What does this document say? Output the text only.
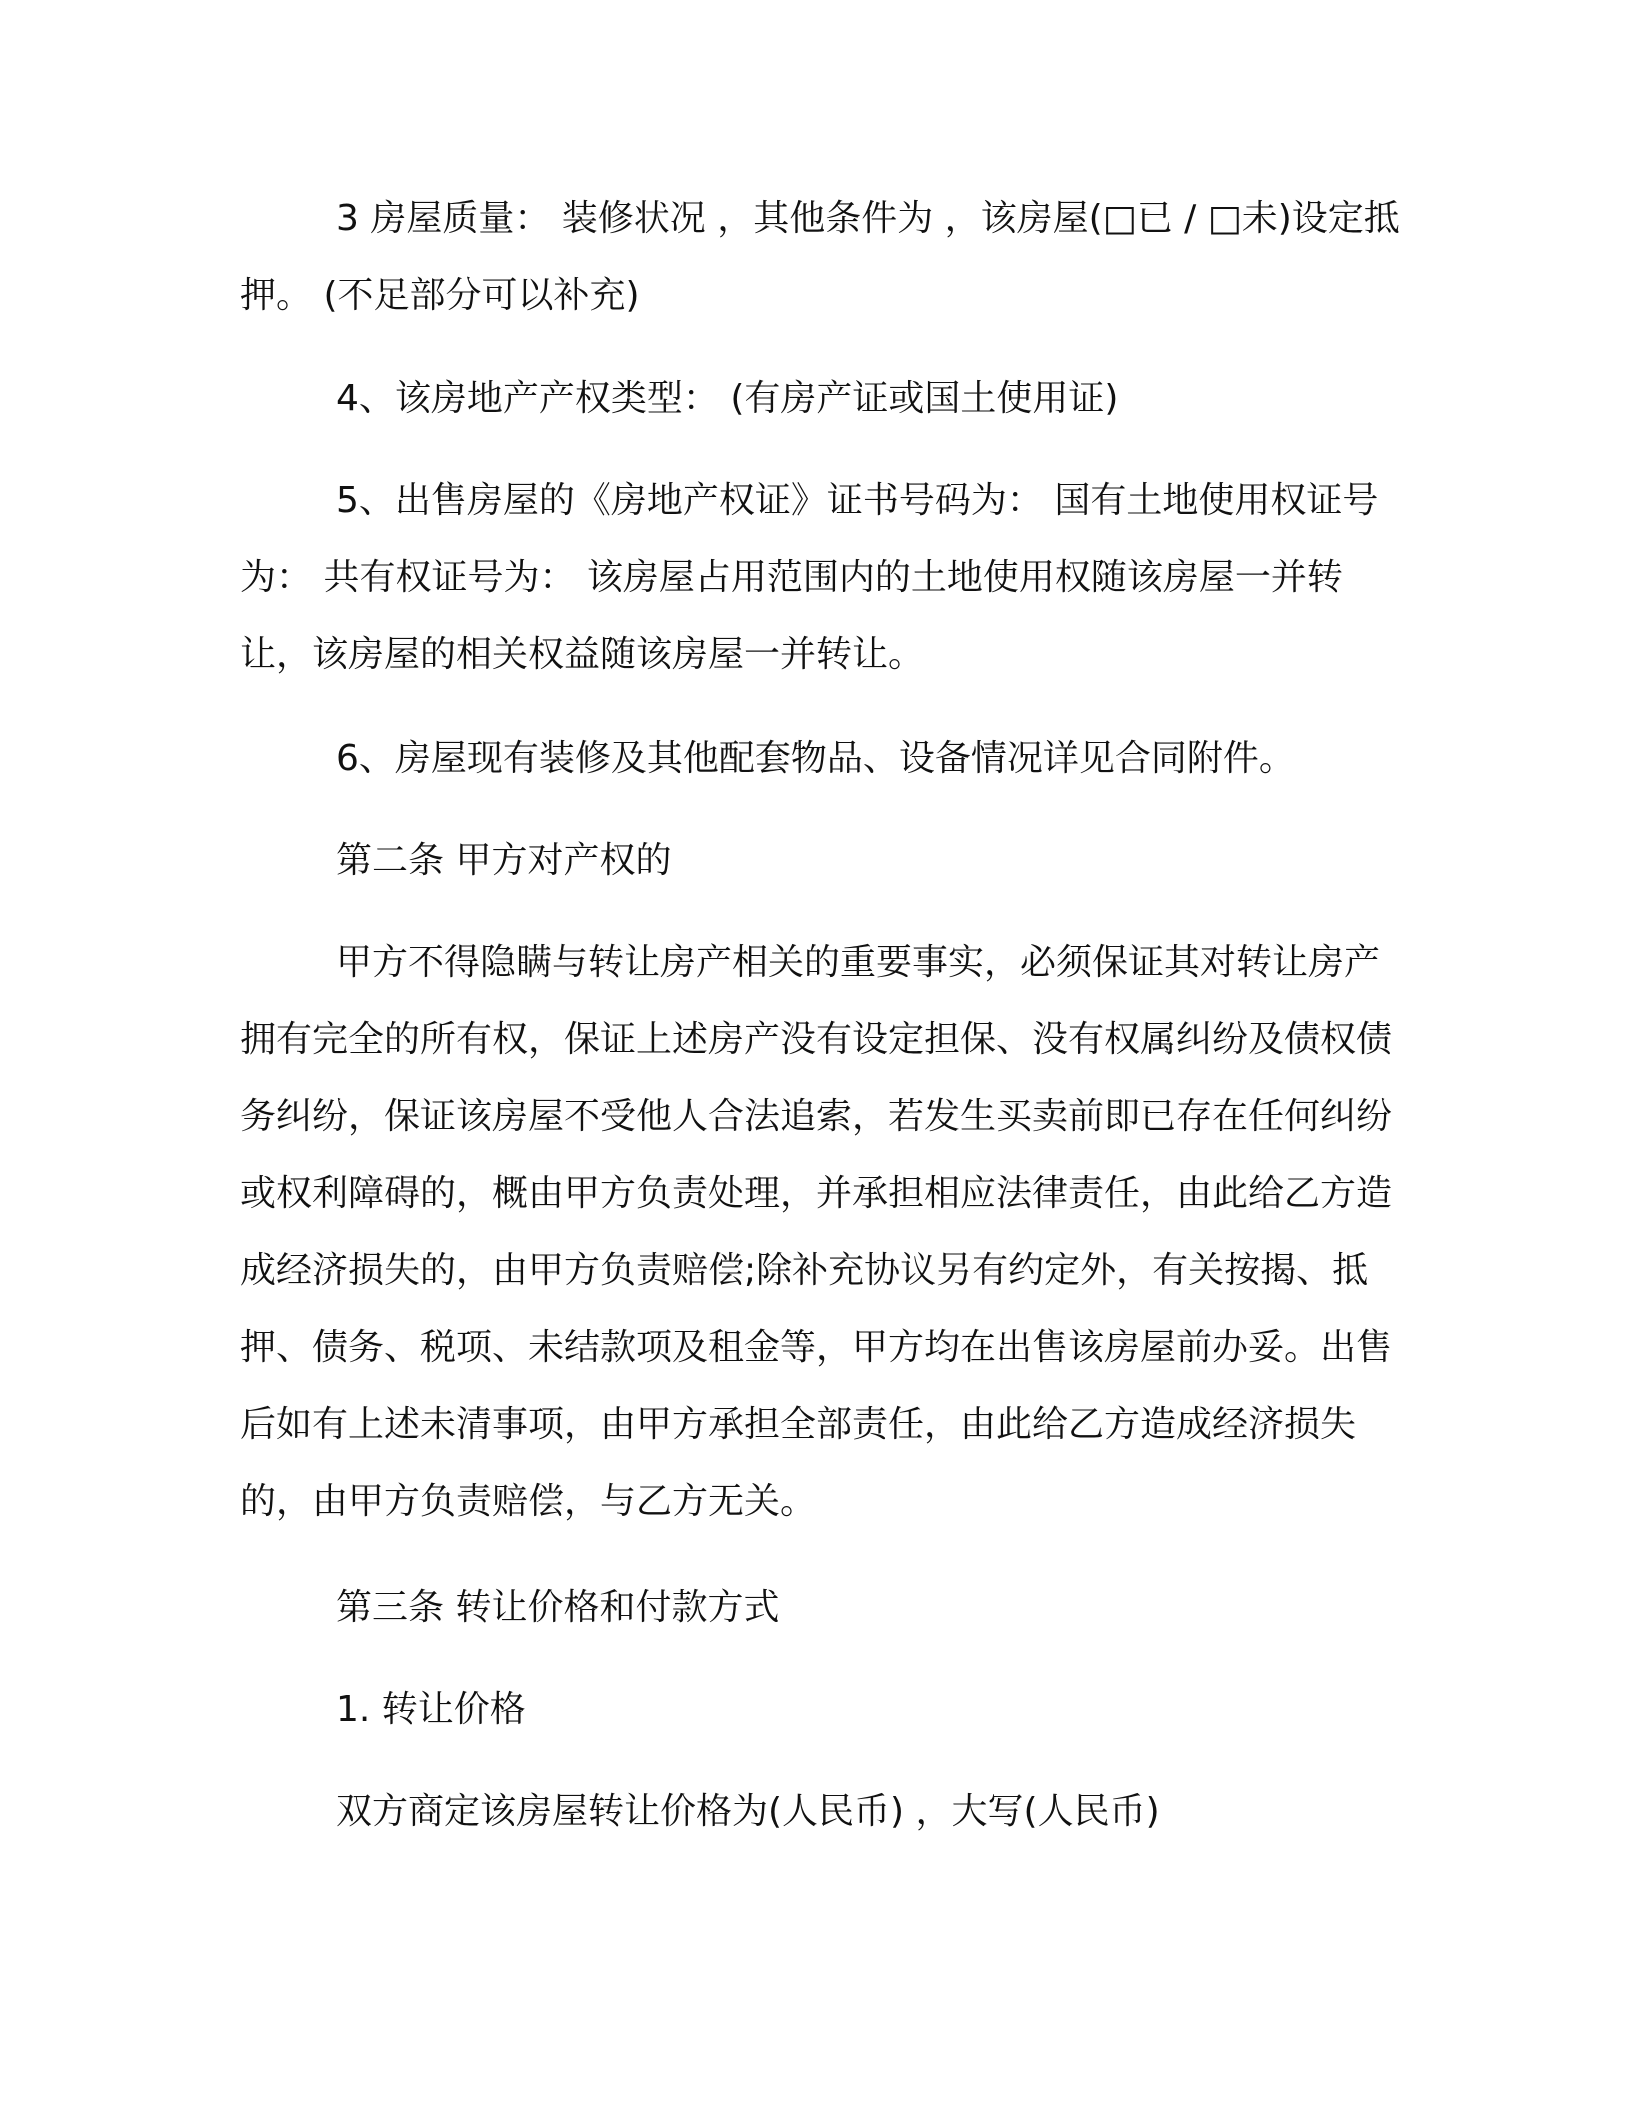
3 房屋质量： 装修状况 ，其他条件为 ，该房屋(□已 / □未)设定抵押。 (不足部分可以补充)

4、该房地产产权类型： (有房产证或国土使用证)

5、出售房屋的《房地产权证》证书号码为： 国有土地使用权证号为： 共有权证号为： 该房屋占用范围内的土地使用权随该房屋一并转让，该房屋的相关权益随该房屋一并转让。

6、房屋现有装修及其他配套物品、设备情况详见合同附件。

第二条 甲方对产权的

甲方不得隐瞒与转让房产相关的重要事实，必须保证其对转让房产拥有完全的所有权，保证上述房产没有设定担保、没有权属纠纷及债权债务纠纷，保证该房屋不受他人合法追索，若发生买卖前即已存在任何纠纷或权利障碍的，概由甲方负责处理，并承担相应法律责任，由此给乙方造成经济损失的，由甲方负责赔偿;除补充协议另有约定外，有关按揭、抵押、债务、税项、未结款项及租金等，甲方均在出售该房屋前办妥。出售后如有上述未清事项，由甲方承担全部责任，由此给乙方造成经济损失的，由甲方负责赔偿，与乙方无关。

第三条 转让价格和付款方式

1. 转让价格

双方商定该房屋转让价格为(人民币) ，大写(人民币)
